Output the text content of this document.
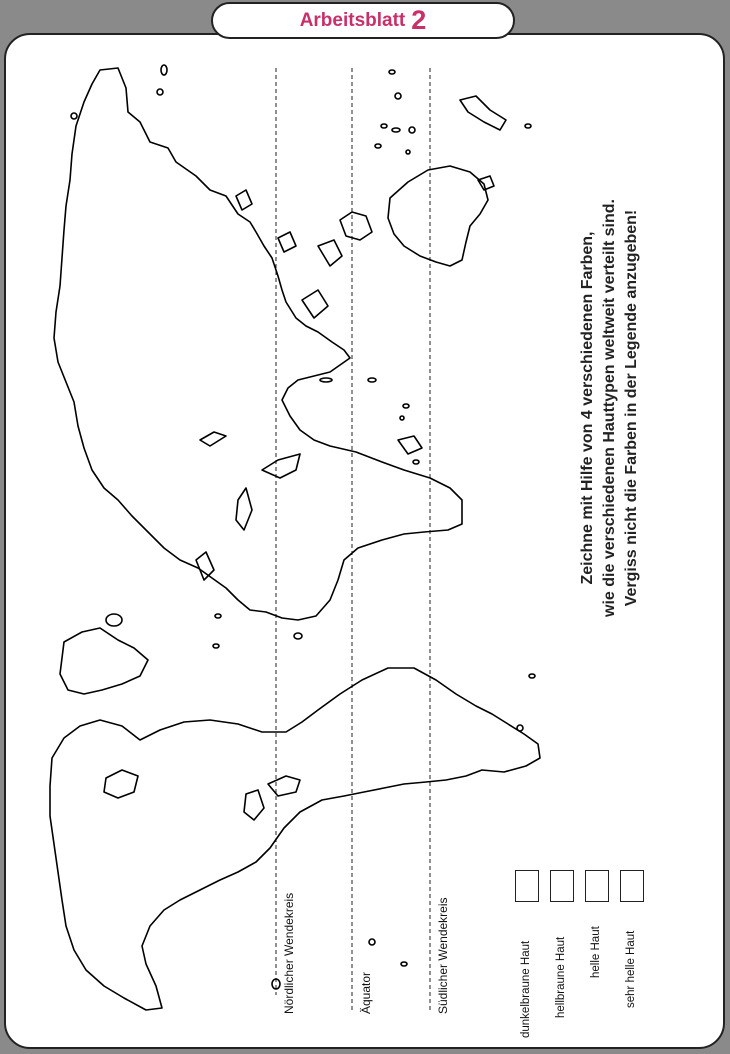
Arbeitsblatt 2
Nördlicher Wendekreis	Äquator	Südlicher Wendekreis
Zeichne mit Hilfe von 4 verschiedenen Farben, wie die verschiedenen Hauttypen weltweit verteilt sind. Vergiss nicht die Farben in der Legende anzugeben!
dunkelbraune Haut hellbraune Haut helle Haut sehr helle Haut
